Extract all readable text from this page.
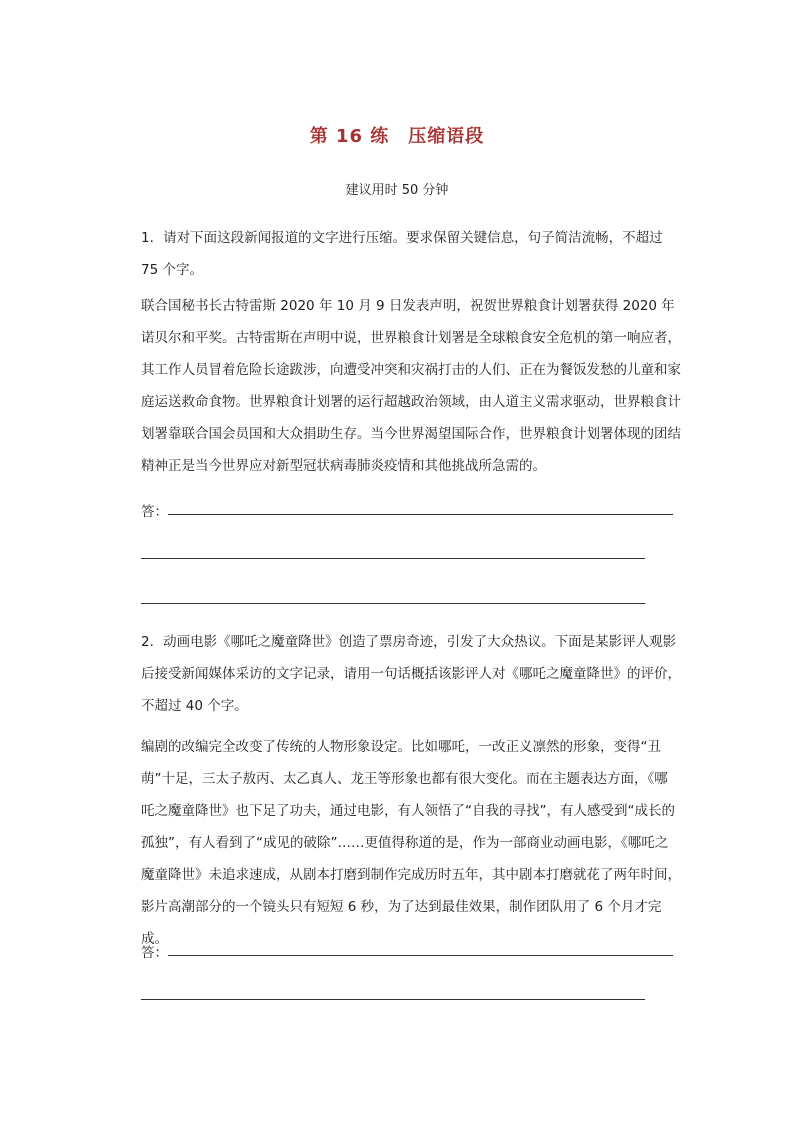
第 16 练　压缩语段
建议用时 50 分钟

1．请对下面这段新闻报道的文字进行压缩。要求保留关键信息，句子简洁流畅，不超过 75 个字。

联合国秘书长古特雷斯 2020 年 10 月 9 日发表声明，祝贺世界粮食计划署获得 2020 年诺贝尔和平奖。古特雷斯在声明中说，世界粮食计划署是全球粮食安全危机的第一响应者，其工作人员冒着危险长途跋涉，向遭受冲突和灾祸打击的人们、正在为餐饭发愁的儿童和家庭运送救命食物。世界粮食计划署的运行超越政治领域，由人道主义需求驱动，世界粮食计划署靠联合国会员国和大众捐助生存。当今世界渴望国际合作，世界粮食计划署体现的团结精神正是当今世界应对新型冠状病毒肺炎疫情和其他挑战所急需的。

答：

2．动画电影《哪吒之魔童降世》创造了票房奇迹，引发了大众热议。下面是某影评人观影后接受新闻媒体采访的文字记录，请用一句话概括该影评人对《哪吒之魔童降世》的评价，不超过 40 个字。

编剧的改编完全改变了传统的人物形象设定。比如哪吒，一改正义凛然的形象，变得“丑萌”十足，三太子敖丙、太乙真人、龙王等形象也都有很大变化。而在主题表达方面，《哪吒之魔童降世》也下足了功夫，通过电影，有人领悟了“自我的寻找”，有人感受到“成长的孤独”，有人看到了“成见的破除”……更值得称道的是，作为一部商业动画电影，《哪吒之魔童降世》未追求速成，从剧本打磨到制作完成历时五年，其中剧本打磨就花了两年时间，影片高潮部分的一个镜头只有短短 6 秒，为了达到最佳效果，制作团队用了 6 个月才完成。

答：
